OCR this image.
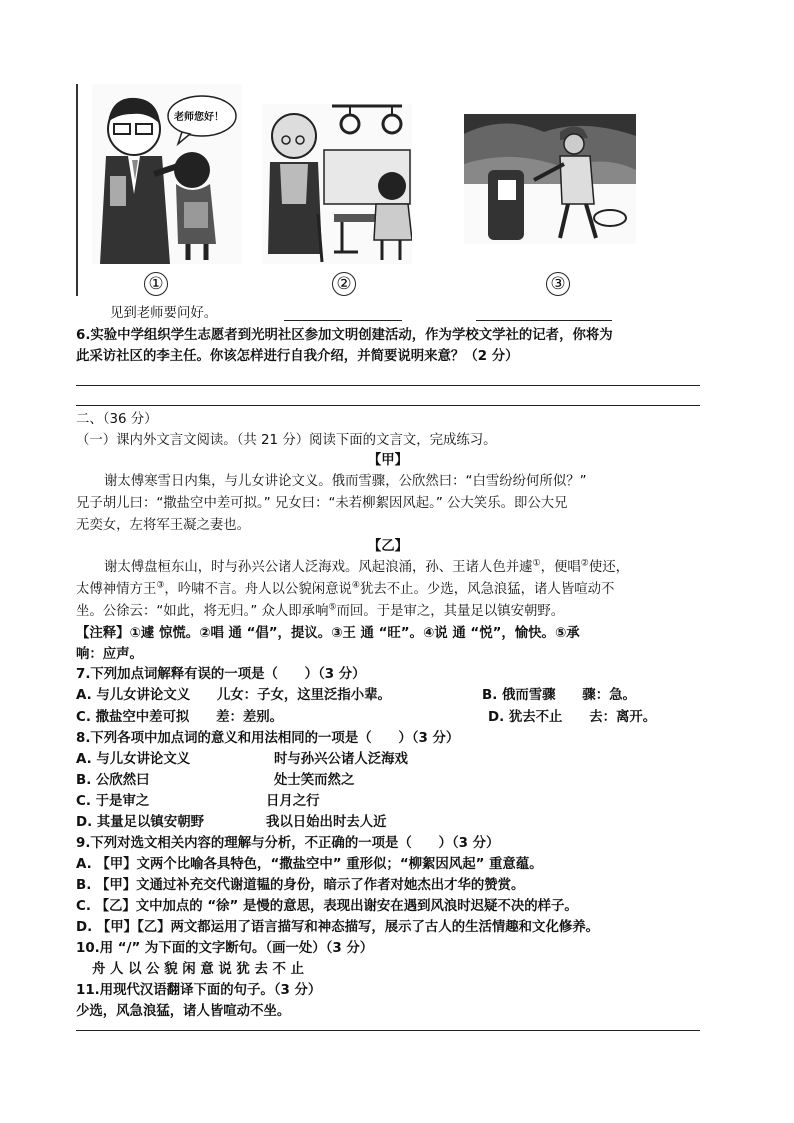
老师您好！
①	②	③
见到老师要问好。
6.实验中学组织学生志愿者到光明社区参加文明创建活动，作为学校文学社的记者，你将为
此采访社区的李主任。你该怎样进行自我介绍，并简要说明来意？（2 分）
二、（36 分）
（一）课内外文言文阅读。（共 21 分）阅读下面的文言文，完成练习。
【甲】
谢太傅寒雪日内集，与儿女讲论文义。俄而雪骤，公欣然曰：“白雪纷纷何所似？”
兄子胡儿曰：“撒盐空中差可拟。” 兄女曰：“未若柳絮因风起。” 公大笑乐。即公大兄
无奕女，左将军王凝之妻也。
【乙】
谢太傅盘桓东山，时与孙兴公诸人泛海戏。风起浪涌，孙、王诸人色并遽①，便唱②使还，
太傅神情方王③，吟啸不言。舟人以公貌闲意说④犹去不止。少选，风急浪猛，诸人皆喧动不
坐。公徐云：“如此，将无归。” 众人即承响⑤而回。于是审之，其量足以镇安朝野。
【注释】①遽 惊慌。②唱 通 “倡”，提议。③王 通 “旺”。④说 通 “悦”，愉快。⑤承
响：应声。
7.下列加点词解释有误的一项是（　　）（3 分）
A. 与儿女讲论文义　　儿女：子女，这里泛指小辈。	B. 俄而雪骤　　骤：急。
C. 撒盐空中差可拟　　差：差别。	D. 犹去不止　　去：离开。
8.下列各项中加点词的意义和用法相同的一项是（　　）（3 分）
A. 与儿女讲论文义	时与孙兴公诸人泛海戏
B. 公欣然曰	处士笑而然之
C. 于是审之	日月之行
D. 其量足以镇安朝野	我以日始出时去人近
9.下列对选文相关内容的理解与分析，不正确的一项是（　　）（3 分）
A. 【甲】文两个比喻各具特色，“撒盐空中” 重形似；“柳絮因风起” 重意蕴。
B. 【甲】文通过补充交代谢道韫的身份，暗示了作者对她杰出才华的赞赏。
C. 【乙】文中加点的 “徐” 是慢的意思，表现出谢安在遇到风浪时迟疑不决的样子。
D. 【甲】【乙】两文都运用了语言描写和神态描写，展示了古人的生活情趣和文化修养。
10.用 “/” 为下面的文字断句。（画一处）（3 分）
舟 人 以 公 貌 闲 意 说 犹 去 不 止
11.用现代汉语翻译下面的句子。（3 分）
少选，风急浪猛，诸人皆喧动不坐。
